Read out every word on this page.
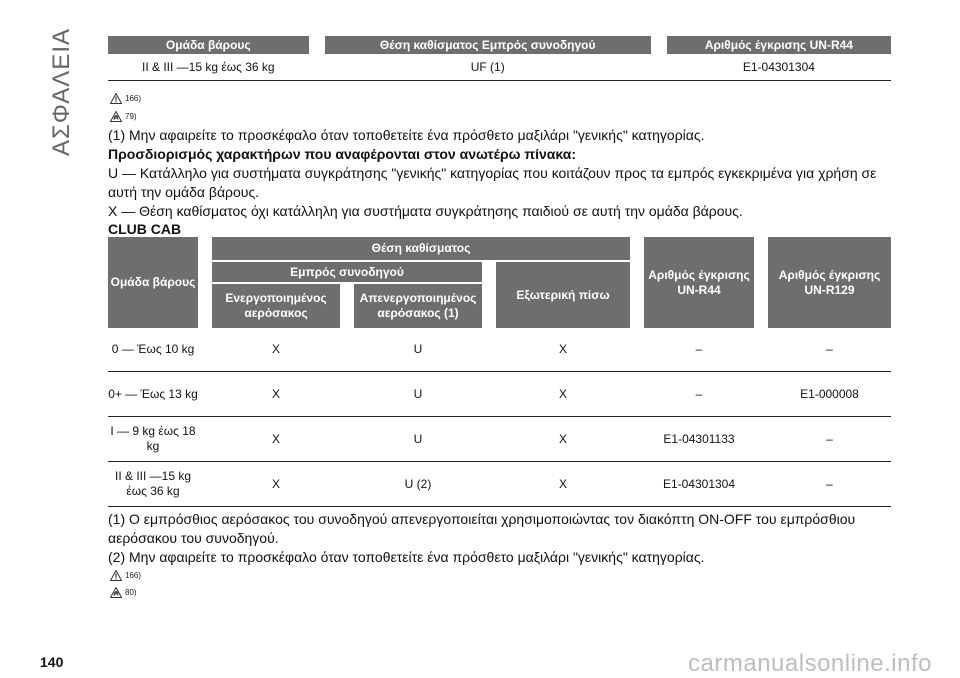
ΑΣΦΑΛΕΙΑ	Ομάδα βάρους		Θέση καθίσματος Εμπρός συνοδηγού		Αριθμός έγκρισης UN-R44
II & III —15 kg έως 36 kg		UF (1)		E1-04301304
166)
79)
(1) Μην αφαιρείτε το προσκέφαλο όταν τοποθετείτε ένα πρόσθετο μαξιλάρι "γενικής" κατηγορίας.
Προσδιορισμός χαρακτήρων που αναφέρονται στον ανωτέρω πίνακα:
U — Κατάλληλο για συστήματα συγκράτησης "γενικής" κατηγορίας που κοιτάζουν προς τα εμπρός εγκεκριμένα για χρήση σε αυτή την ομάδα βάρους.
X — Θέση καθίσματος όχι κατάλληλη για συστήματα συγκράτησης παιδιού σε αυτή την ομάδα βάρους.
CLUB CAB
Ομάδα βάρους		Θέση καθίσματος						Αριθμός έγκρισης UN-R44		Αριθμός έγκρισης UN-R129
		Εμπρός συνοδηγού				Εξωτερική πίσω				
		Ενεργοποιημένος αερόσακος		Απενεργοποιημένος αερόσακος (1)						
0 — Έως 10 kg		X		U		X		–		–
0+ — Έως 13 kg		X		U		X		–		E1-000008
I — 9 kg έως 18 kg		X		U		X		E1-04301133		–
II & III —15 kg έως 36 kg		X		U (2)		X		E1-04301304		–
(1) Ο εμπρόσθιος αερόσακος του συνοδηγού απενεργοποιείται χρησιμοποιώντας τον διακόπτη ON-OFF του εμπρόσθιου αερόσακου του συνοδηγού.
(2) Μην αφαιρείτε το προσκέφαλο όταν τοποθετείτε ένα πρόσθετο μαξιλάρι "γενικής" κατηγορίας.
166)
80)
140	carmanualsonline.info
